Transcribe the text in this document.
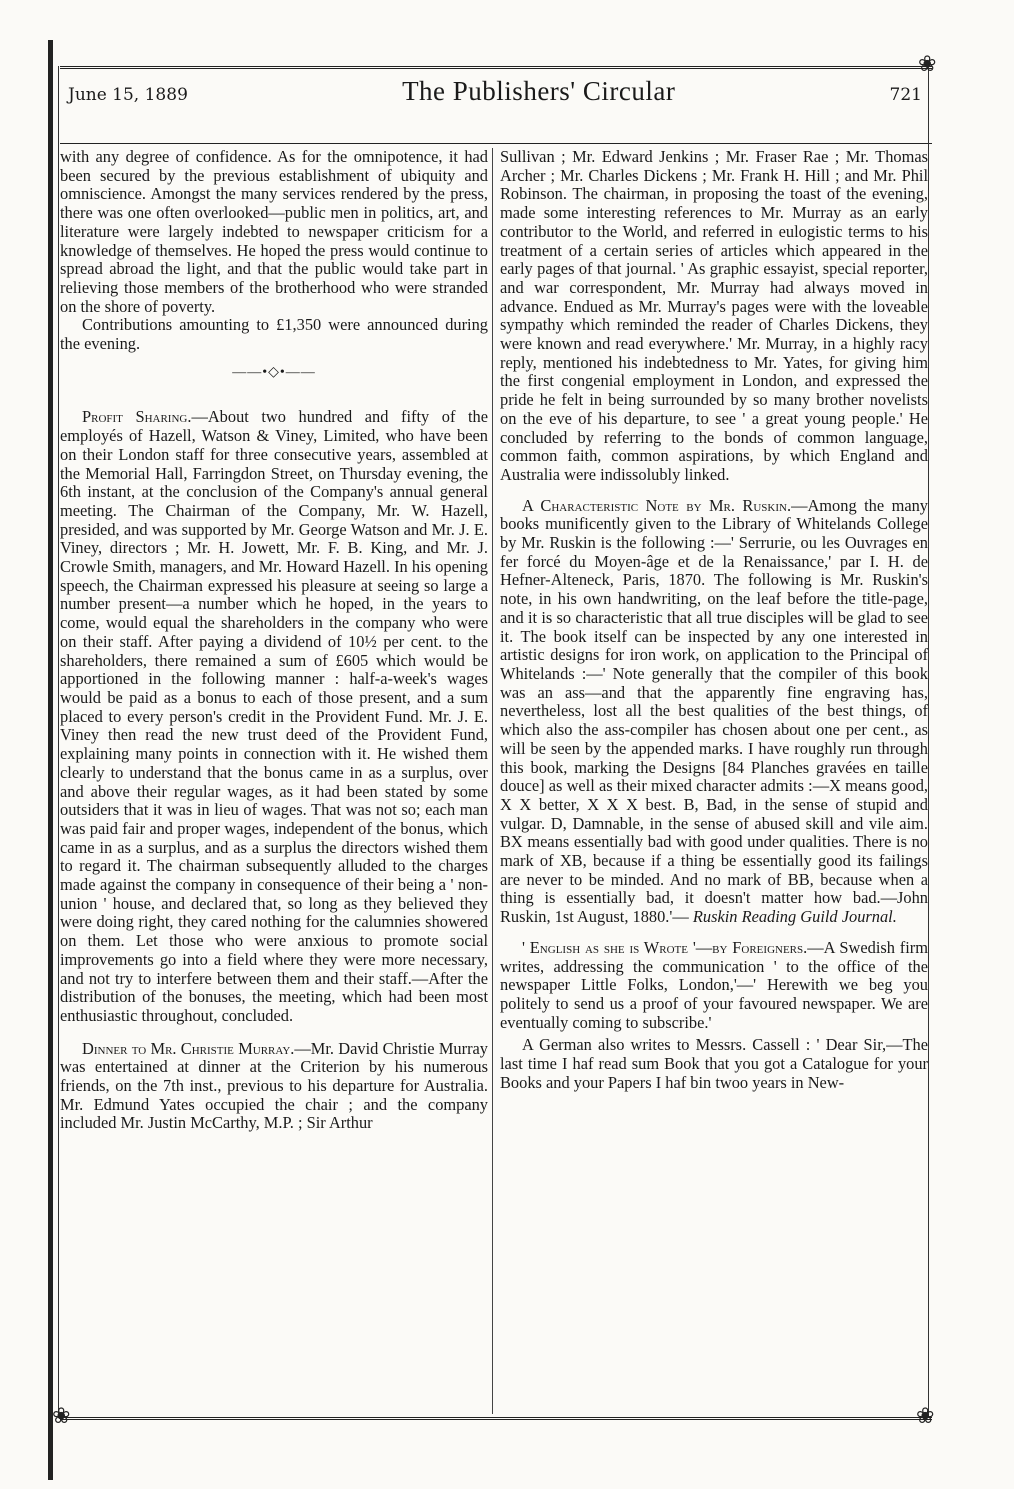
❀
❀	❀
June 15, 1889	The Publishers' Circular	721

with any degree of confidence. As for the omnipotence, it had been secured by the previous establishment of ubiquity and omniscience. Amongst the many services rendered by the press, there was one often overlooked—public men in politics, art, and literature were largely indebted to newspaper criticism for a knowledge of themselves. He hoped the press would continue to spread abroad the light, and that the public would take part in relieving those members of the brotherhood who were stranded on the shore of poverty.

Contributions amounting to £1,350 were announced during the evening.

——•◇•——

Profit Sharing.—About two hundred and fifty of the employés of Hazell, Watson & Viney, Limited, who have been on their London staff for three consecutive years, assembled at the Memorial Hall, Farringdon Street, on Thursday evening, the 6th instant, at the conclusion of the Company's annual general meeting. The Chairman of the Company, Mr. W. Hazell, presided, and was supported by Mr. George Watson and Mr. J. E. Viney, directors ; Mr. H. Jowett, Mr. F. B. King, and Mr. J. Crowle Smith, managers, and Mr. Howard Hazell. In his opening speech, the Chairman expressed his pleasure at seeing so large a number present—a number which he hoped, in the years to come, would equal the shareholders in the company who were on their staff. After paying a dividend of 10½ per cent. to the shareholders, there remained a sum of £605 which would be apportioned in the following manner : half-a-week's wages would be paid as a bonus to each of those present, and a sum placed to every person's credit in the Provident Fund. Mr. J. E. Viney then read the new trust deed of the Provident Fund, explaining many points in connection with it. He wished them clearly to understand that the bonus came in as a surplus, over and above their regular wages, as it had been stated by some outsiders that it was in lieu of wages. That was not so; each man was paid fair and proper wages, independent of the bonus, which came in as a surplus, and as a surplus the directors wished them to regard it. The chairman subsequently alluded to the charges made against the company in consequence of their being a ' non-union ' house, and declared that, so long as they believed they were doing right, they cared nothing for the calumnies showered on them. Let those who were anxious to promote social improvements go into a field where they were more necessary, and not try to interfere between them and their staff.—After the distribution of the bonuses, the meeting, which had been most enthusiastic throughout, concluded.

Dinner to Mr. Christie Murray.—Mr. David Christie Murray was entertained at dinner at the Criterion by his numerous friends, on the 7th inst., previous to his departure for Australia. Mr. Edmund Yates occupied the chair ; and the company included Mr. Justin McCarthy, M.P. ; Sir Arthur

Sullivan ; Mr. Edward Jenkins ; Mr. Fraser Rae ; Mr. Thomas Archer ; Mr. Charles Dickens ; Mr. Frank H. Hill ; and Mr. Phil Robinson. The chairman, in proposing the toast of the evening, made some interesting references to Mr. Murray as an early contributor to the World, and referred in eulogistic terms to his treatment of a certain series of articles which appeared in the early pages of that journal. ' As graphic essayist, special reporter, and war correspondent, Mr. Murray had always moved in advance. Endued as Mr. Murray's pages were with the loveable sympathy which reminded the reader of Charles Dickens, they were known and read everywhere.' Mr. Murray, in a highly racy reply, mentioned his indebtedness to Mr. Yates, for giving him the first congenial employment in London, and expressed the pride he felt in being surrounded by so many brother novelists on the eve of his departure, to see ' a great young people.' He concluded by referring to the bonds of common language, common faith, common aspirations, by which England and Australia were indissolubly linked.

A Characteristic Note by Mr. Ruskin.—Among the many books munificently given to the Library of Whitelands College by Mr. Ruskin is the following :—' Serrurie, ou les Ouvrages en fer forcé du Moyen-âge et de la Renaissance,' par I. H. de Hefner-Alteneck, Paris, 1870. The following is Mr. Ruskin's note, in his own handwriting, on the leaf before the title-page, and it is so characteristic that all true disciples will be glad to see it. The book itself can be inspected by any one interested in artistic designs for iron work, on application to the Principal of Whitelands :—' Note generally that the compiler of this book was an ass—and that the apparently fine engraving has, nevertheless, lost all the best qualities of the best things, of which also the ass-compiler has chosen about one per cent., as will be seen by the appended marks. I have roughly run through this book, marking the Designs [84 Planches gravées en taille douce] as well as their mixed character admits :—X means good, X X better, X X X best. B, Bad, in the sense of stupid and vulgar. D, Damnable, in the sense of abused skill and vile aim. BX means essentially bad with good under qualities. There is no mark of XB, because if a thing be essentially good its failings are never to be minded. And no mark of BB, because when a thing is essentially bad, it doesn't matter how bad.—John Ruskin, 1st August, 1880.'— Ruskin Reading Guild Journal.

' English as she is Wrote '—by Foreigners.—A Swedish firm writes, addressing the communication ' to the office of the newspaper Little Folks, London,'—' Herewith we beg you politely to send us a proof of your favoured newspaper. We are eventually coming to subscribe.'

A German also writes to Messrs. Cassell : ' Dear Sir,—The last time I haf read sum Book that you got a Catalogue for your Books and your Papers I haf bin twoo years in New-
